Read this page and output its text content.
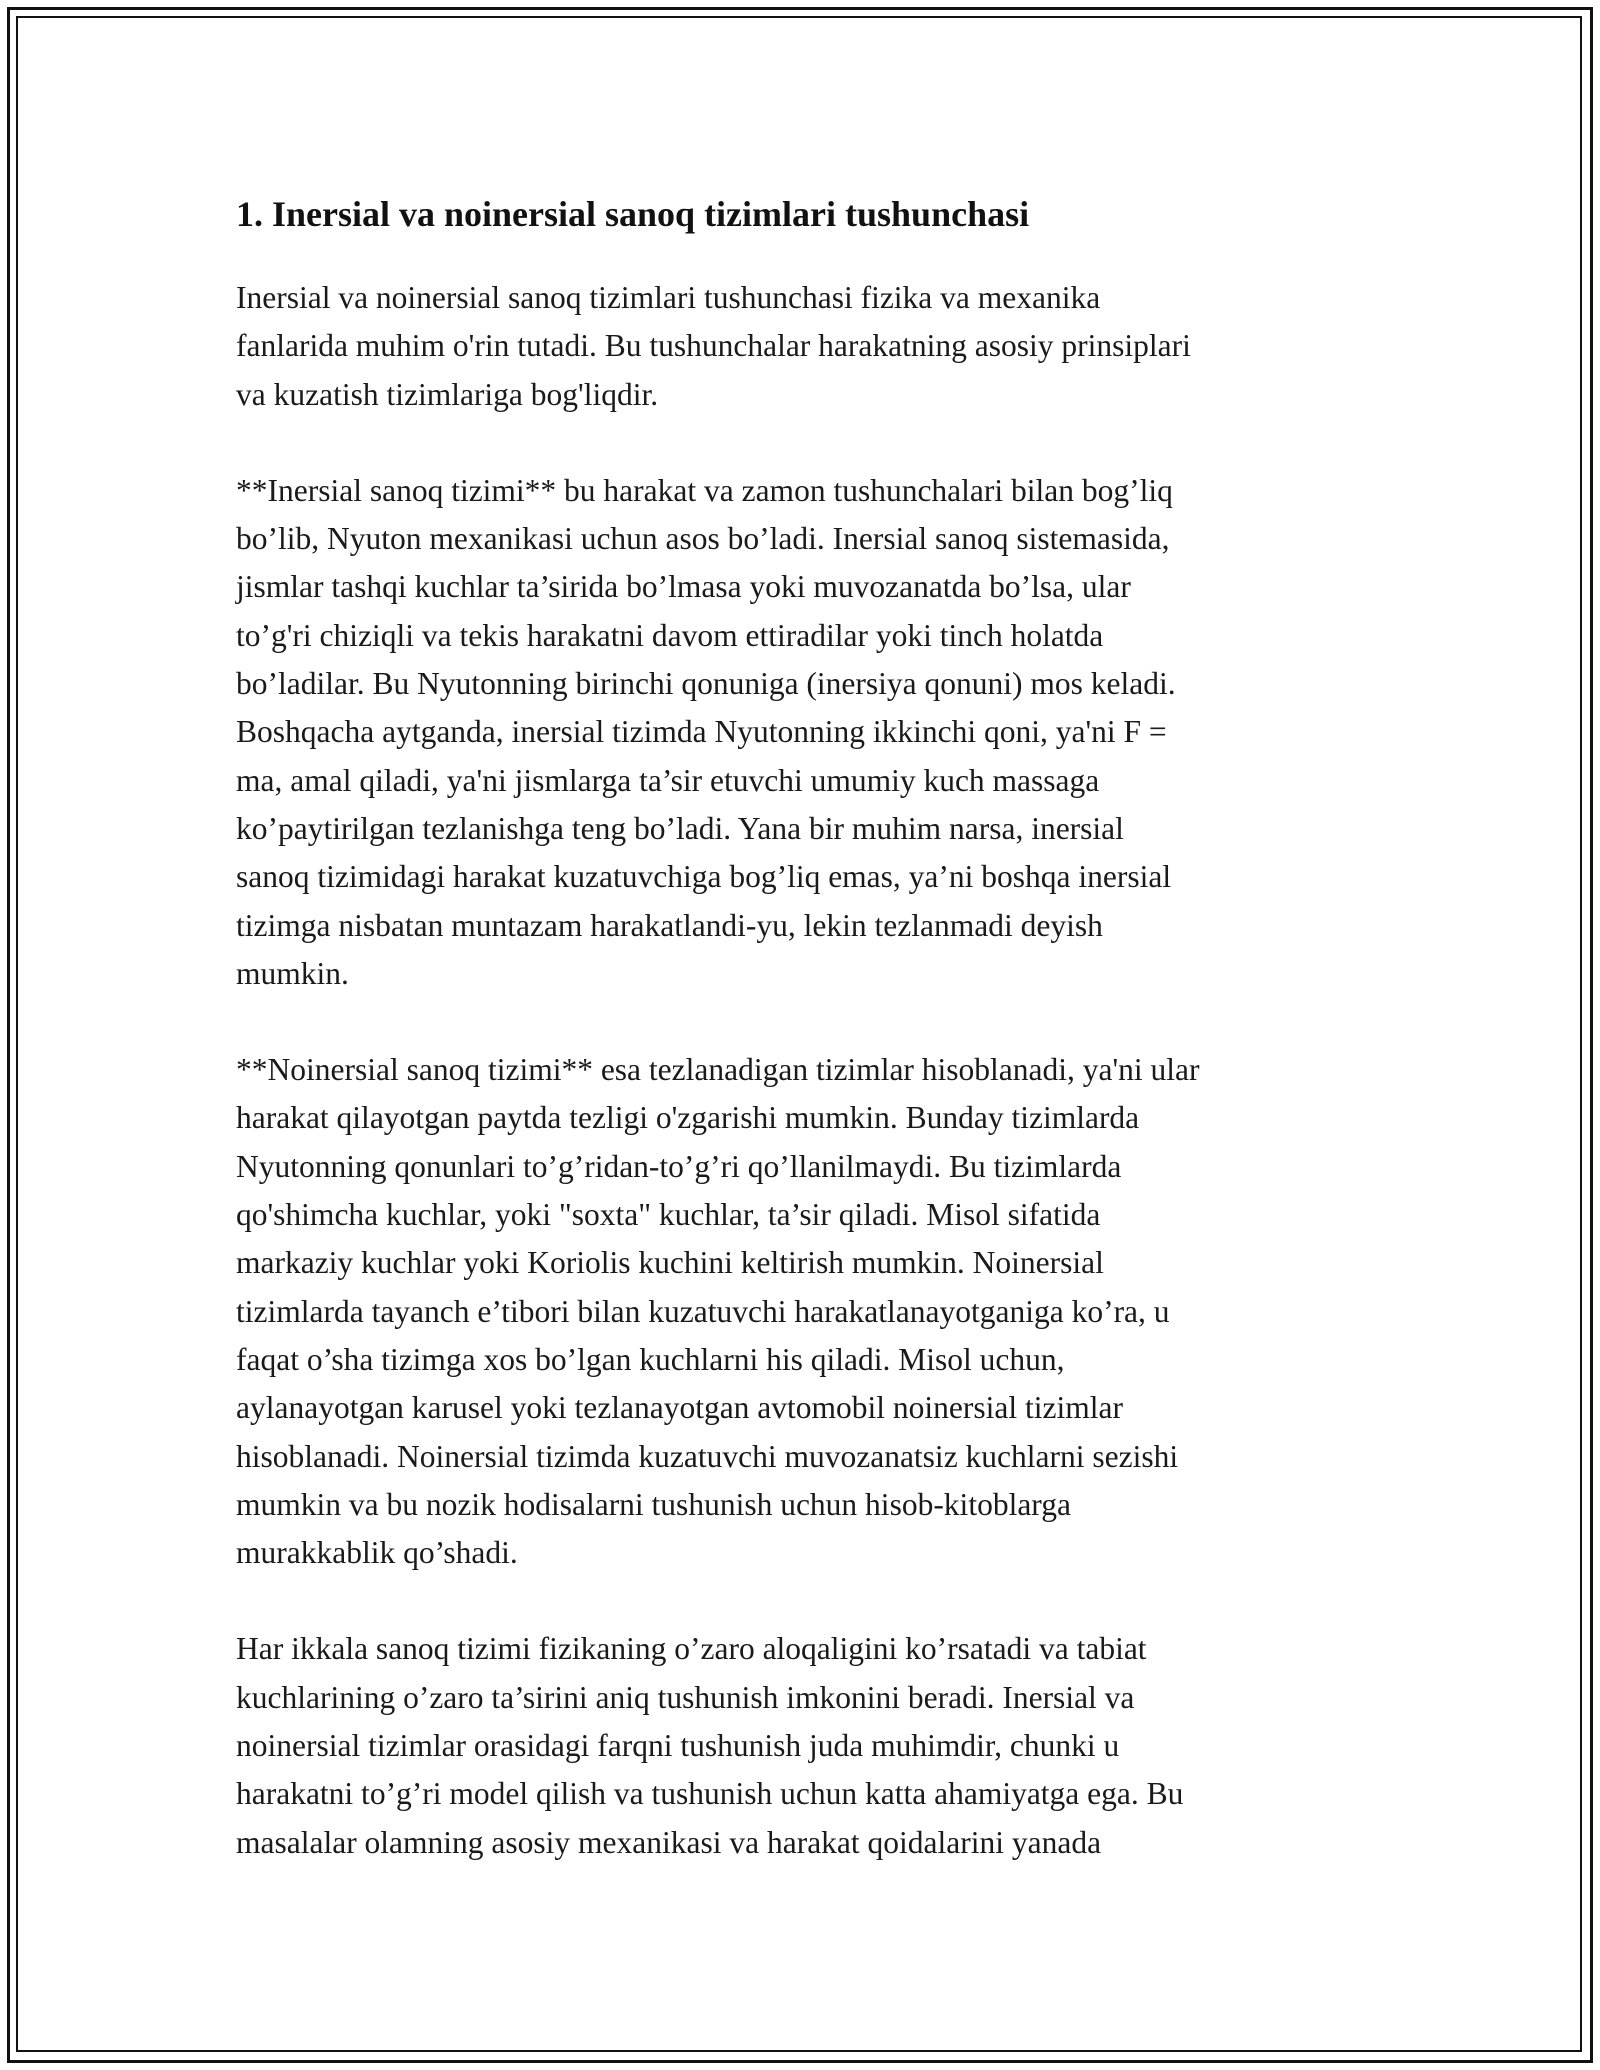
1. Inersial va noinersial sanoq tizimlari tushunchasi

Inersial va noinersial sanoq tizimlari tushunchasi fizika va mexanika
fanlarida muhim o'rin tutadi. Bu tushunchalar harakatning asosiy prinsiplari
va kuzatish tizimlariga bog'liqdir.

**Inersial sanoq tizimi** bu harakat va zamon tushunchalari bilan bog’liq
bo’lib, Nyuton mexanikasi uchun asos bo’ladi. Inersial sanoq sistemasida,
jismlar tashqi kuchlar ta’sirida bo’lmasa yoki muvozanatda bo’lsa, ular
to’g'ri chiziqli va tekis harakatni davom ettiradilar yoki tinch holatda
bo’ladilar. Bu Nyutonning birinchi qonuniga (inersiya qonuni) mos keladi.
Boshqacha aytganda, inersial tizimda Nyutonning ikkinchi qoni, ya'ni F =
ma, amal qiladi, ya'ni jismlarga ta’sir etuvchi umumiy kuch massaga
ko’paytirilgan tezlanishga teng bo’ladi. Yana bir muhim narsa, inersial
sanoq tizimidagi harakat kuzatuvchiga bog’liq emas, ya’ni boshqa inersial
tizimga nisbatan muntazam harakatlandi-yu, lekin tezlanmadi deyish
mumkin.

**Noinersial sanoq tizimi** esa tezlanadigan tizimlar hisoblanadi, ya'ni ular
harakat qilayotgan paytda tezligi o'zgarishi mumkin. Bunday tizimlarda
Nyutonning qonunlari to’g’ridan-to’g’ri qo’llanilmaydi. Bu tizimlarda
qo'shimcha kuchlar, yoki "soxta" kuchlar, ta’sir qiladi. Misol sifatida
markaziy kuchlar yoki Koriolis kuchini keltirish mumkin. Noinersial
tizimlarda tayanch e’tibori bilan kuzatuvchi harakatlanayotganiga ko’ra, u
faqat o’sha tizimga xos bo’lgan kuchlarni his qiladi. Misol uchun,
aylanayotgan karusel yoki tezlanayotgan avtomobil noinersial tizimlar
hisoblanadi. Noinersial tizimda kuzatuvchi muvozanatsiz kuchlarni sezishi
mumkin va bu nozik hodisalarni tushunish uchun hisob-kitoblarga
murakkablik qo’shadi.

Har ikkala sanoq tizimi fizikaning o’zaro aloqaligini ko’rsatadi va tabiat
kuchlarining o’zaro ta’sirini aniq tushunish imkonini beradi. Inersial va
noinersial tizimlar orasidagi farqni tushunish juda muhimdir, chunki u
harakatni to’g’ri model qilish va tushunish uchun katta ahamiyatga ega. Bu
masalalar olamning asosiy mexanikasi va harakat qoidalarini yanada
